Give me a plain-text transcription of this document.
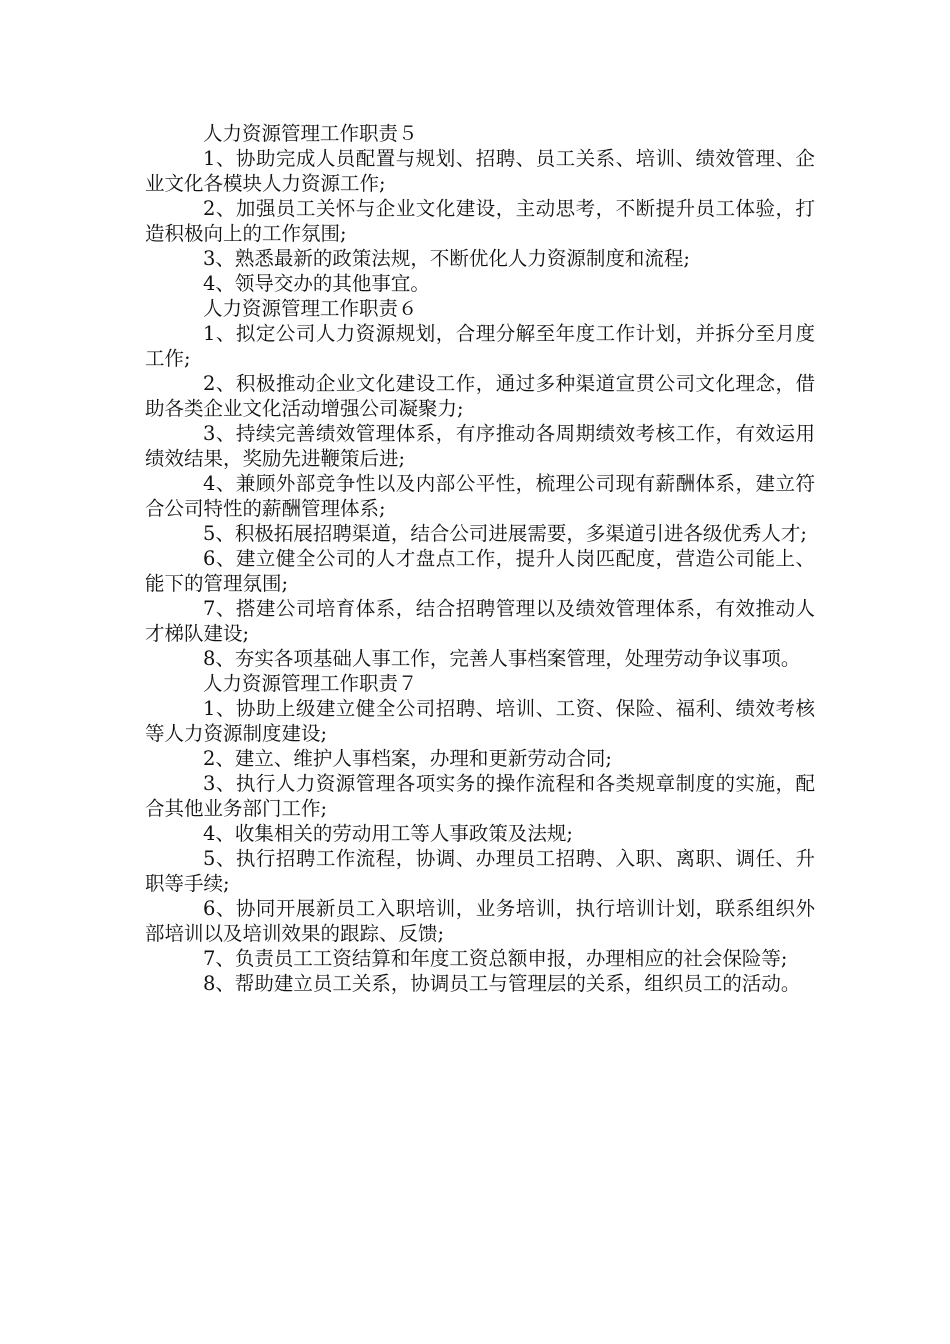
人力资源管理工作职责５

1、协助完成人员配置与规划、招聘、员工关系、培训、绩效管理、企业文化各模块人力资源工作;

2、加强员工关怀与企业文化建设，主动思考，不断提升员工体验，打造积极向上的工作氛围;

3、熟悉最新的政策法规，不断优化人力资源制度和流程;

4、领导交办的其他事宜。

人力资源管理工作职责６

1、拟定公司人力资源规划，合理分解至年度工作计划，并拆分至月度工作;

2、积极推动企业文化建设工作，通过多种渠道宣贯公司文化理念，借助各类企业文化活动增强公司凝聚力;

3、持续完善绩效管理体系，有序推动各周期绩效考核工作，有效运用绩效结果，奖励先进鞭策后进;

4、兼顾外部竞争性以及内部公平性，梳理公司现有薪酬体系，建立符合公司特性的薪酬管理体系;

5、积极拓展招聘渠道，结合公司进展需要，多渠道引进各级优秀人才;

6、建立健全公司的人才盘点工作，提升人岗匹配度，营造公司能上、能下的管理氛围;

7、搭建公司培育体系，结合招聘管理以及绩效管理体系，有效推动人才梯队建设;

8、夯实各项基础人事工作，完善人事档案管理，处理劳动争议事项。

人力资源管理工作职责７

1、协助上级建立健全公司招聘、培训、工资、保险、福利、绩效考核等人力资源制度建设;

2、建立、维护人事档案，办理和更新劳动合同;

3、执行人力资源管理各项实务的操作流程和各类规章制度的实施，配合其他业务部门工作;

4、收集相关的劳动用工等人事政策及法规;

5、执行招聘工作流程，协调、办理员工招聘、入职、离职、调任、升职等手续;

6、协同开展新员工入职培训，业务培训，执行培训计划，联系组织外部培训以及培训效果的跟踪、反馈;

7、负责员工工资结算和年度工资总额申报，办理相应的社会保险等;

8、帮助建立员工关系，协调员工与管理层的关系，组织员工的活动。
